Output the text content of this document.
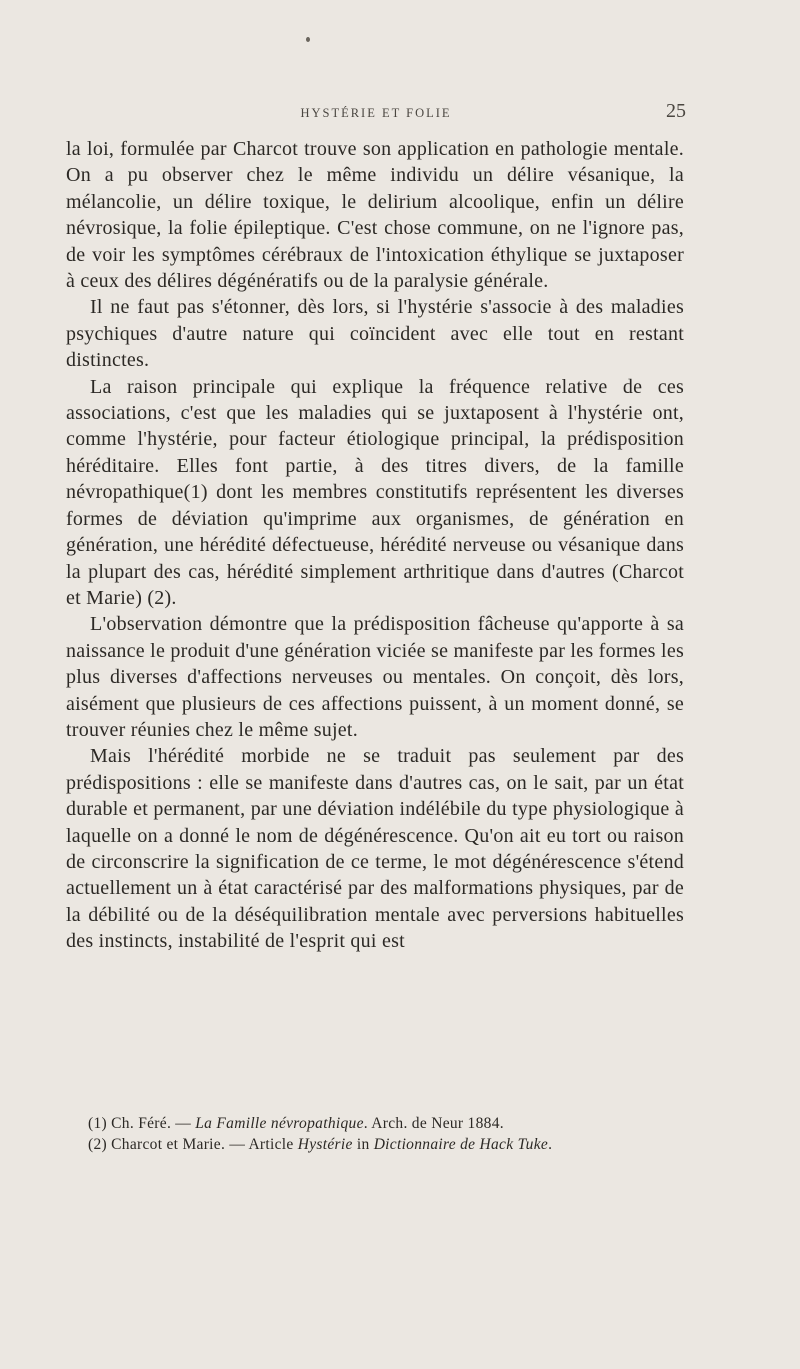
HYSTÉRIE ET FOLIE	25

la loi, formulée par Charcot trouve son application en pathologie mentale. On a pu observer chez le même individu un délire vésanique, la mélancolie, un délire toxique, le delirium alcoolique, enfin un délire névrosique, la folie épileptique. C'est chose commune, on ne l'ignore pas, de voir les symptômes cérébraux de l'intoxication éthylique se juxtaposer à ceux des délires dégénératifs ou de la paralysie générale.

Il ne faut pas s'étonner, dès lors, si l'hystérie s'associe à des maladies psychiques d'autre nature qui coïncident avec elle tout en restant distinctes.

La raison principale qui explique la fréquence relative de ces associations, c'est que les maladies qui se juxtaposent à l'hystérie ont, comme l'hystérie, pour facteur étiologique principal, la prédisposition héréditaire. Elles font partie, à des titres divers, de la famille névropathique(1) dont les membres constitutifs représentent les diverses formes de déviation qu'imprime aux organismes, de génération en génération, une hérédité défectueuse, hérédité nerveuse ou vésanique dans la plupart des cas, hérédité simplement arthritique dans d'autres (Charcot et Marie) (2).

L'observation démontre que la prédisposition fâcheuse qu'apporte à sa naissance le produit d'une génération viciée se manifeste par les formes les plus diverses d'affections nerveuses ou mentales. On conçoit, dès lors, aisément que plusieurs de ces affections puissent, à un moment donné, se trouver réunies chez le même sujet.

Mais l'hérédité morbide ne se traduit pas seulement par des prédispositions : elle se manifeste dans d'autres cas, on le sait, par un état durable et permanent, par une déviation indélébile du type physiologique à laquelle on a donné le nom de dégénérescence. Qu'on ait eu tort ou raison de circonscrire la signification de ce terme, le mot dégénérescence s'étend actuellement un à état caractérisé par des malformations physiques, par de la débilité ou de la déséquilibration mentale avec perversions habituelles des instincts, instabilité de l'esprit qui est

(1) Ch. Féré. — La Famille névropathique. Arch. de Neur 1884.

(2) Charcot et Marie. — Article Hystérie in Dictionnaire de Hack Tuke.
